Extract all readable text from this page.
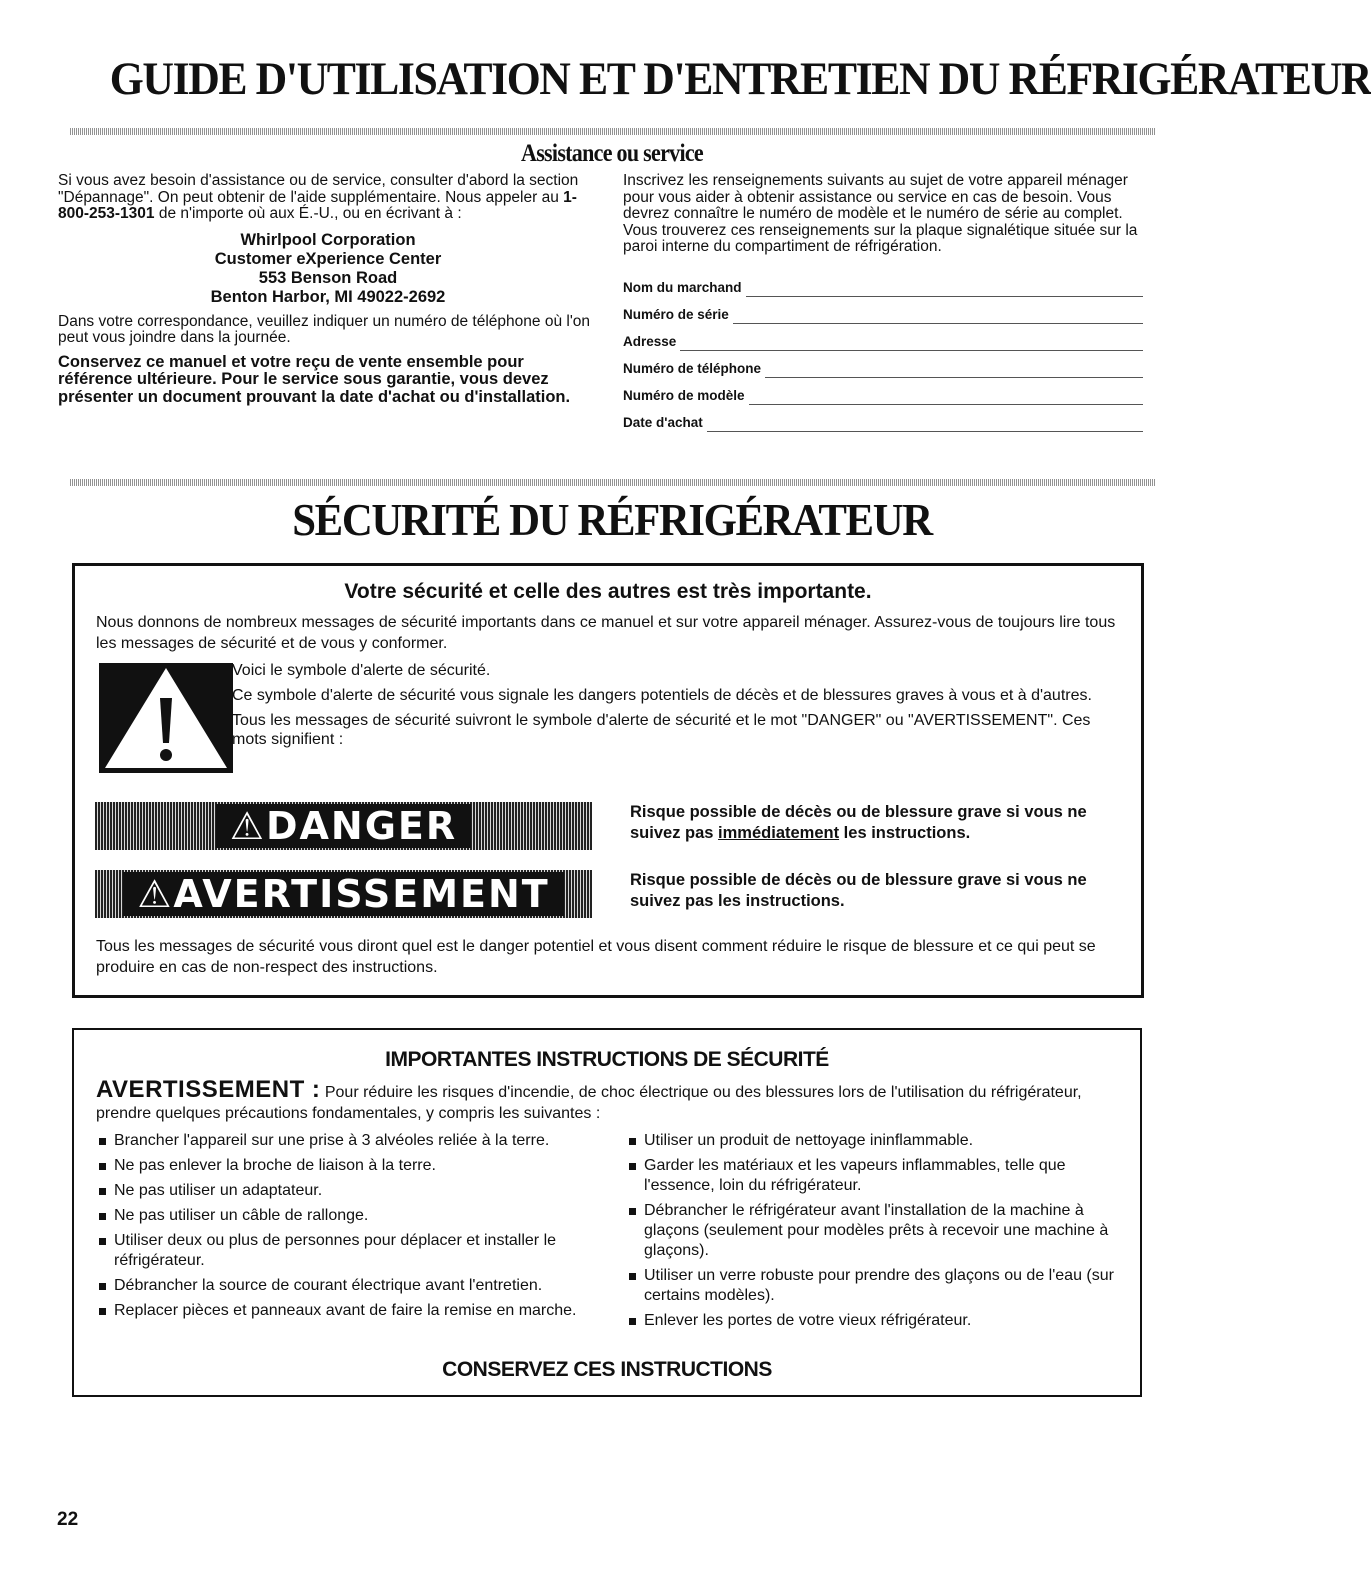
GUIDE D'UTILISATION ET D'ENTRETIEN DU RÉFRIGÉRATEUR
Assistance ou service

Si vous avez besoin d'assistance ou de service, consulter d'abord la section "Dépannage". On peut obtenir de l'aide supplémentaire. Nous appeler au 1-800-253-1301 de n'importe où aux É.-U., ou en écrivant à :

Whirlpool Corporation
Customer eXperience Center
553 Benson Road
Benton Harbor, MI 49022-2692

Dans votre correspondance, veuillez indiquer un numéro de téléphone où l'on peut vous joindre dans la journée.

Conservez ce manuel et votre reçu de vente ensemble pour référence ultérieure. Pour le service sous garantie, vous devez présenter un document prouvant la date d'achat ou d'installation.

Inscrivez les renseignements suivants au sujet de votre appareil ménager pour vous aider à obtenir assistance ou service en cas de besoin. Vous devrez connaître le numéro de modèle et le numéro de série au complet. Vous trouverez ces renseignements sur la plaque signalétique située sur la paroi interne du compartiment de réfrigération.

Nom du marchand
Numéro de série
Adresse
Numéro de téléphone
Numéro de modèle
Date d'achat
SÉCURITÉ DU RÉFRIGÉRATEUR
Votre sécurité et celle des autres est très importante.
Nous donnons de nombreux messages de sécurité importants dans ce manuel et sur votre appareil ménager. Assurez-vous de toujours lire tous les messages de sécurité et de vous y conformer.

Voici le symbole d'alerte de sécurité.

Ce symbole d'alerte de sécurité vous signale les dangers potentiels de décès et de blessures graves à vous et à d'autres.

Tous les messages de sécurité suivront le symbole d'alerte de sécurité et le mot "DANGER" ou "AVERTISSEMENT". Ces mots signifient :

⚠DANGER	Risque possible de décès ou de blessure grave si vous ne suivez pas immédiatement les instructions.
⚠AVERTISSEMENT	Risque possible de décès ou de blessure grave si vous ne suivez pas les instructions.
Tous les messages de sécurité vous diront quel est le danger potentiel et vous disent comment réduire le risque de blessure et ce qui peut se produire en cas de non-respect des instructions.
IMPORTANTES INSTRUCTIONS DE SÉCURITÉ
AVERTISSEMENT : Pour réduire les risques d'incendie, de choc électrique ou des blessures lors de l'utilisation du réfrigérateur, prendre quelques précautions fondamentales, y compris les suivantes :
Brancher l'appareil sur une prise à 3 alvéoles reliée à la terre.
Ne pas enlever la broche de liaison à la terre.
Ne pas utiliser un adaptateur.
Ne pas utiliser un câble de rallonge.
Utiliser deux ou plus de personnes pour déplacer et installer le réfrigérateur.
Débrancher la source de courant électrique avant l'entretien.
Replacer pièces et panneaux avant de faire la remise en marche.
Utiliser un produit de nettoyage ininflammable.
Garder les matériaux et les vapeurs inflammables, telle que l'essence, loin du réfrigérateur.
Débrancher le réfrigérateur avant l'installation de la machine à glaçons (seulement pour modèles prêts à recevoir une machine à glaçons).
Utiliser un verre robuste pour prendre des glaçons ou de l'eau (sur certains modèles).
Enlever les portes de votre vieux réfrigérateur.
CONSERVEZ CES INSTRUCTIONS
22
